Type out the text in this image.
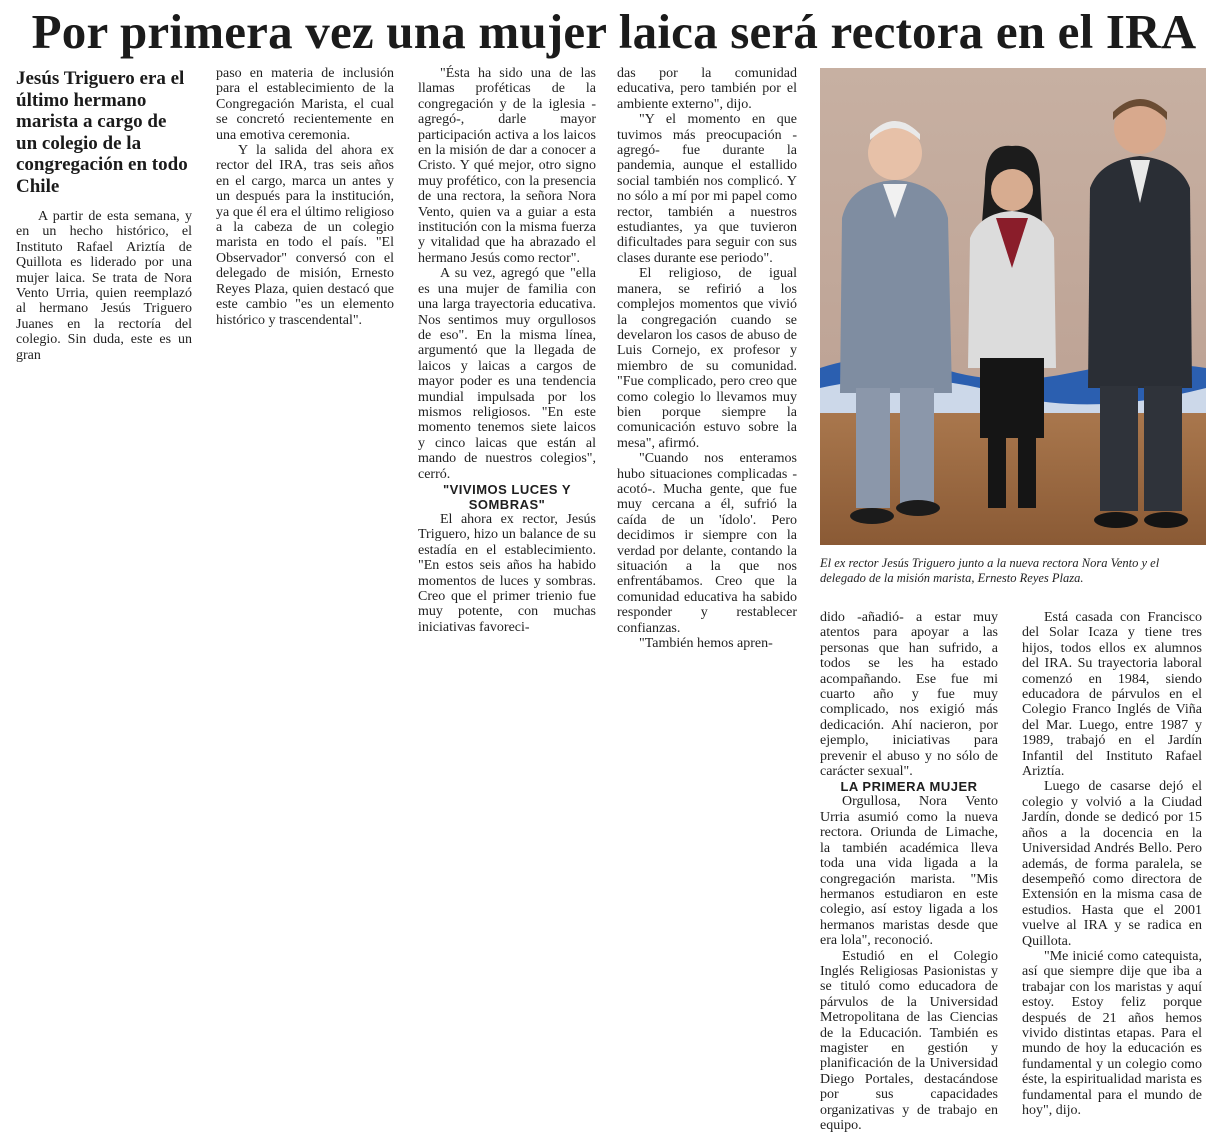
Por primera vez una mujer laica será rectora en el IRA
Jesús Triguero era el último hermano marista a cargo de un colegio de la congregación en todo Chile

A partir de esta semana, y en un hecho histórico, el Instituto Rafael Ariztía de Quillota es liderado por una mujer laica. Se trata de Nora Vento Urria, quien reemplazó al hermano Jesús Triguero Juanes en la rectoría del colegio. Sin duda, este es un gran

paso en materia de inclusión para el establecimiento de la Congregación Marista, el cual se concretó recientemente en una emotiva ceremonia.

Y la salida del ahora ex rector del IRA, tras seis años en el cargo, marca un antes y un después para la institución, ya que él era el último religioso a la cabeza de un colegio marista en todo el país. "El Observador" conversó con el delegado de misión, Ernesto Reyes Plaza, quien destacó que este cambio "es un elemento histórico y trascendental".

"Ésta ha sido una de las llamas proféticas de la congregación y de la iglesia -agregó-, darle mayor participación activa a los laicos en la misión de dar a conocer a Cristo. Y qué mejor, otro signo muy profético, con la presencia de una rectora, la señora Nora Vento, quien va a guiar a esta institución con la misma fuerza y vitalidad que ha abrazado el hermano Jesús como rector".

A su vez, agregó que "ella es una mujer de familia con una larga trayectoria educativa. Nos sentimos muy orgullosos de eso". En la misma línea, argumentó que la llegada de laicos y laicas a cargos de mayor poder es una tendencia mundial impulsada por los mismos religiosos. "En este momento tenemos siete laicos y cinco laicas que están al mando de nuestros colegios", cerró.

"VIVIMOS LUCES Y SOMBRAS"

El ahora ex rector, Jesús Triguero, hizo un balance de su estadía en el establecimiento. "En estos seis años ha habido momentos de luces y sombras. Creo que el primer trienio fue muy potente, con muchas iniciativas favoreci-

das por la comunidad educativa, pero también por el ambiente externo", dijo.

"Y el momento en que tuvimos más preocupación -agregó- fue durante la pandemia, aunque el estallido social también nos complicó. Y no sólo a mí por mi papel como rector, también a nuestros estudiantes, ya que tuvieron dificultades para seguir con sus clases durante ese periodo".

El religioso, de igual manera, se refirió a los complejos momentos que vivió la congregación cuando se develaron los casos de abuso de Luis Cornejo, ex profesor y miembro de su comunidad. "Fue complicado, pero creo que como colegio lo llevamos muy bien porque siempre la comunicación estuvo sobre la mesa", afirmó.

"Cuando nos enteramos hubo situaciones complicadas -acotó-. Mucha gente, que fue muy cercana a él, sufrió la caída de un 'ídolo'. Pero decidimos ir siempre con la verdad por delante, contando la situación a la que nos enfrentábamos. Creo que la comunidad educativa ha sabido responder y restablecer confianzas.

"También hemos apren-

El ex rector Jesús Triguero junto a la nueva rectora Nora Vento y el delegado de la misión marista, Ernesto Reyes Plaza.

dido -añadió- a estar muy atentos para apoyar a las personas que han sufrido, a todos se les ha estado acompañando. Ese fue mi cuarto año y fue muy complicado, nos exigió más dedicación. Ahí nacieron, por ejemplo, iniciativas para prevenir el abuso y no sólo de carácter sexual".

LA PRIMERA MUJER

Orgullosa, Nora Vento Urria asumió como la nueva rectora. Oriunda de Limache, la también académica lleva toda una vida ligada a la congregación marista. "Mis hermanos estudiaron en este colegio, así estoy ligada a los hermanos maristas desde que era lola", reconoció.

Estudió en el Colegio Inglés Religiosas Pasionistas y se tituló como educadora de párvulos de la Universidad Metropolitana de las Ciencias de la Educación. También es magister en gestión y planificación de la Universidad Diego Portales, destacándose por sus capacidades organizativas y de trabajo en equipo.

Está casada con Francisco del Solar Icaza y tiene tres hijos, todos ellos ex alumnos del IRA. Su trayectoria laboral comenzó en 1984, siendo educadora de párvulos en el Colegio Franco Inglés de Viña del Mar. Luego, entre 1987 y 1989, trabajó en el Jardín Infantil del Instituto Rafael Ariztía.

Luego de casarse dejó el colegio y volvió a la Ciudad Jardín, donde se dedicó por 15 años a la docencia en la Universidad Andrés Bello. Pero además, de forma paralela, se desempeñó como directora de Extensión en la misma casa de estudios. Hasta que el 2001 vuelve al IRA y se radica en Quillota.

"Me inicié como catequista, así que siempre dije que iba a trabajar con los maristas y aquí estoy. Estoy feliz porque después de 21 años hemos vivido distintas etapas. Para el mundo de hoy la educación es fundamental y un colegio como éste, la espiritualidad marista es fundamental para el mundo de hoy", dijo.
